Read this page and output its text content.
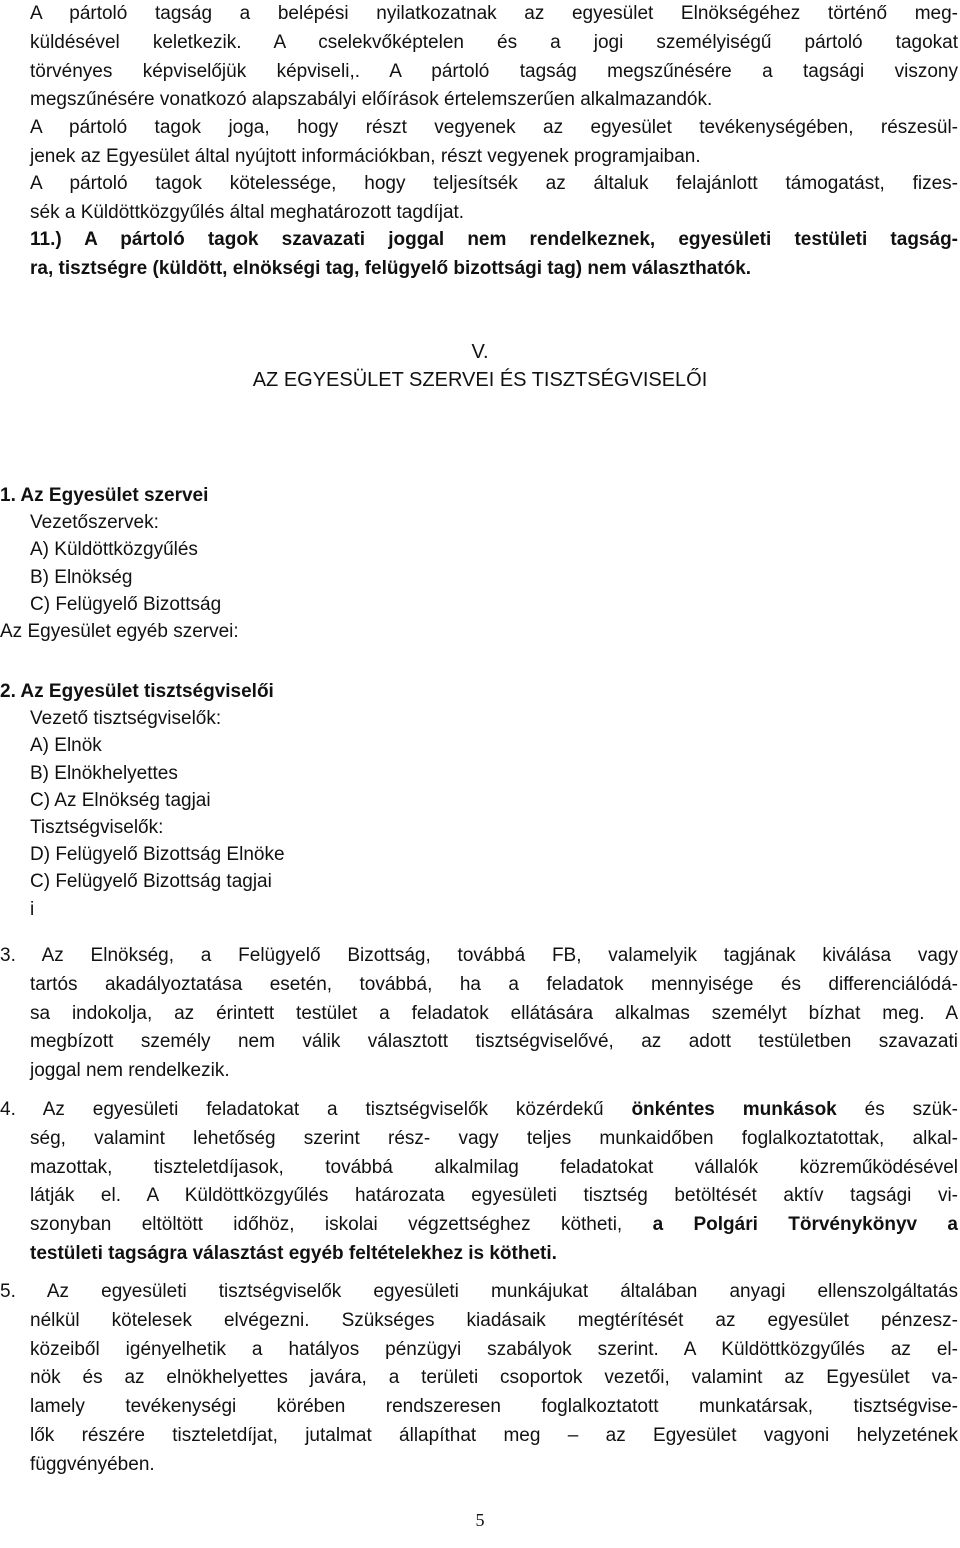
A pártoló tagság a belépési nyilatkozatnak az egyesület Elnökségéhez történő meg-
küldésével keletkezik. A cselekvőképtelen és a jogi személyiségű pártoló tagokat
törvényes képviselőjük képviseli,. A pártoló tagság megszűnésére a tagsági viszony
megszűnésére vonatkozó alapszabályi előírások értelemszerűen alkalmazandók.
A pártoló tagok joga, hogy részt vegyenek az egyesület tevékenységében, részesül-
jenek az Egyesület által nyújtott információkban, részt vegyenek programjaiban.
A pártoló tagok kötelessége, hogy teljesítsék az általuk felajánlott támogatást, fizes-
sék a Küldöttközgyűlés által meghatározott tagdíjat.
11.) A pártoló tagok szavazati joggal nem rendelkeznek, egyesületi testületi tagság-
ra, tisztségre (küldött, elnökségi tag, felügyelő bizottsági tag) nem választhatók.
V.
AZ EGYESÜLET SZERVEI ÉS TISZTSÉGVISELŐI
1. Az Egyesület szervei
Vezetőszervek:
A) Küldöttközgyűlés
B) Elnökség
C) Felügyelő Bizottság
Az Egyesület egyéb szervei:
2. Az Egyesület tisztségviselői
Vezető tisztségviselők:
A) Elnök
B) Elnökhelyettes
C) Az Elnökség tagjai
Tisztségviselők:
D) Felügyelő Bizottság Elnöke
C) Felügyelő Bizottság tagjai
i
3. Az Elnökség, a Felügyelő Bizottság, továbbá FB, valamelyik tagjának kiválása vagy
tartós akadályoztatása esetén, továbbá, ha a feladatok mennyisége és differenciálódá-
sa indokolja, az érintett testület a feladatok ellátására alkalmas személyt bízhat meg. A
megbízott személy nem válik választott tisztségviselővé, az adott testületben szavazati
joggal nem rendelkezik.
4. Az egyesületi feladatokat a tisztségviselők közérdekű önkéntes munkások és szük-
ség, valamint lehetőség szerint rész- vagy teljes munkaidőben foglalkoztatottak, alkal-
mazottak, tiszteletdíjasok, továbbá alkalmilag feladatokat vállalók közreműködésével
látják el. A Küldöttközgyűlés határozata egyesületi tisztség betöltését aktív tagsági vi-
szonyban eltöltött időhöz, iskolai végzettséghez kötheti, a Polgári Törvénykönyv a
testületi tagságra választást egyéb feltételekhez is kötheti.
5. Az egyesületi tisztségviselők egyesületi munkájukat általában anyagi ellenszolgáltatás
nélkül kötelesek elvégezni. Szükséges kiadásaik megtérítését az egyesület pénzesz-
közeiből igényelhetik a hatályos pénzügyi szabályok szerint. A Küldöttközgyűlés az el-
nök és az elnökhelyettes javára, a területi csoportok vezetői, valamint az Egyesület va-
lamely tevékenységi körében rendszeresen foglalkoztatott munkatársak, tisztségvise-
lők részére tiszteletdíjat, jutalmat állapíthat meg – az Egyesület vagyoni helyzetének
függvényében.
5
